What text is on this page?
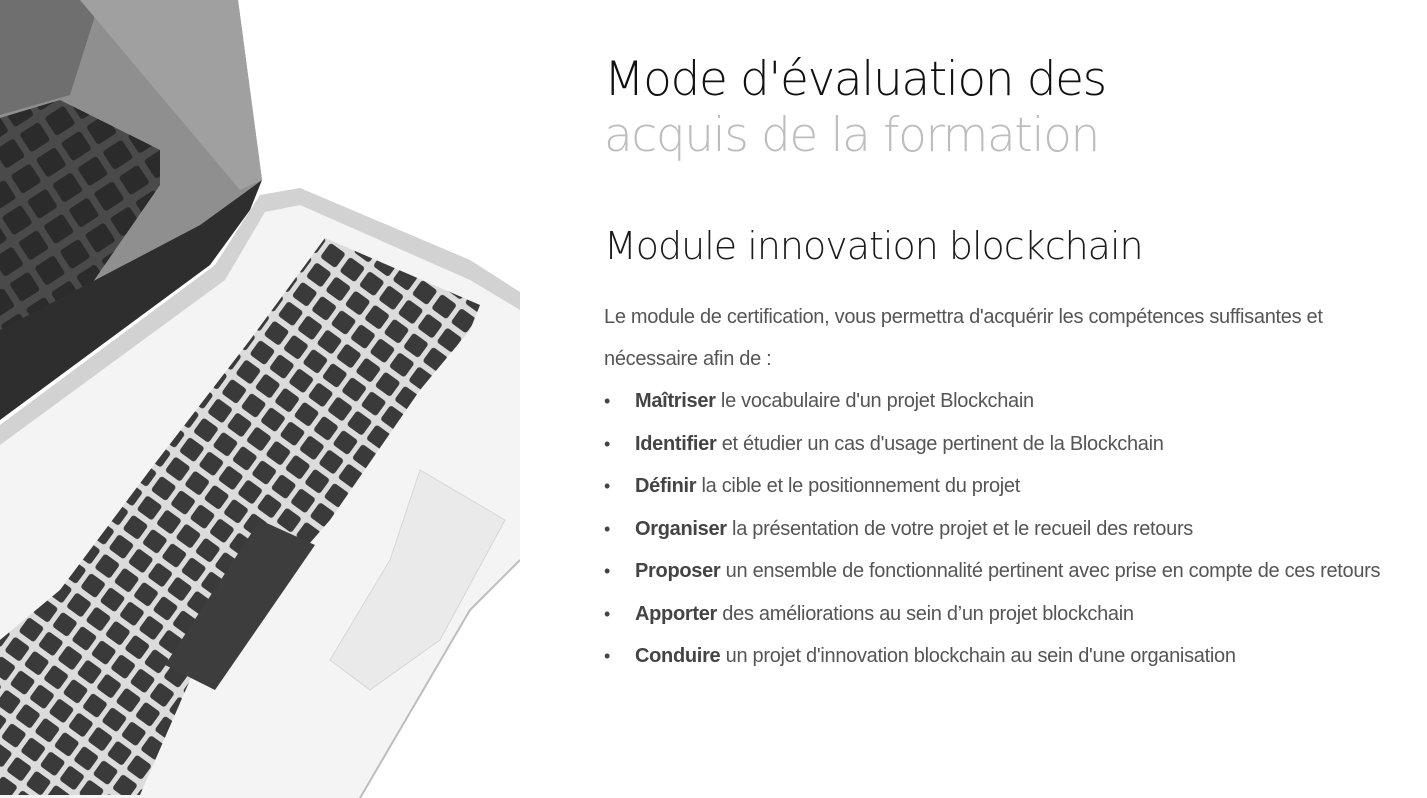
Mode d'évaluation des
acquis de la formation
Module innovation blockchain

Le module de certification, vous permettra d'acquérir les compétences suffisantes et nécessaire afin de :

• Maîtriser le vocabulaire d'un projet Blockchain
• Identifier et étudier un cas d'usage pertinent de la Blockchain
• Définir la cible et le positionnement du projet
• Organiser la présentation de votre projet et le recueil des retours
• Proposer un ensemble de fonctionnalité pertinent avec prise en compte de ces retours
• Apporter des améliorations au sein d’un projet blockchain
• Conduire un projet d'innovation blockchain au sein d'une organisation
